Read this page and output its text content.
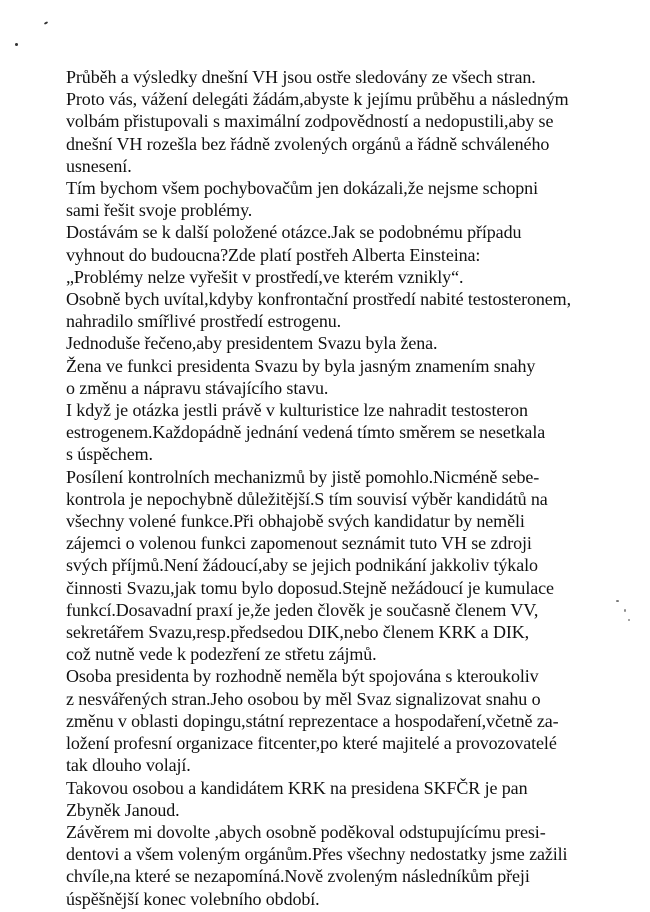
Průběh a výsledky dnešní VH jsou ostře sledovány ze všech stran.
Proto vás, vážení delegáti žádám,abyste k jejímu průběhu a následným
volbám přistupovali s maximální zodpovědností a nedopustili,aby se
dnešní VH rozešla bez řádně zvolených orgánů a řádně schváleného
usnesení.
Tím bychom všem pochybovačům jen dokázali,že nejsme schopni
sami řešit svoje problémy.
Dostávám se k další položené otázce.Jak se podobnému případu
vyhnout do budoucna?Zde platí postřeh Alberta Einsteina:
„Problémy nelze vyřešit v prostředí,ve kterém vznikly“.
Osobně bych uvítal,kdyby konfrontační prostředí nabité testosteronem,
nahradilo smířlivé prostředí estrogenu.
Jednoduše řečeno,aby presidentem Svazu byla žena.
Žena ve funkci presidenta Svazu by byla jasným znamením snahy
o změnu a nápravu stávajícího stavu.
I když je otázka jestli právě v kulturistice lze nahradit testosteron
estrogenem.Každopádně jednání vedená tímto směrem se nesetkala
s úspěchem.
Posílení kontrolních mechanizmů by jistě pomohlo.Nicméně sebe-
kontrola je nepochybně důležitější.S tím souvisí výběr kandidátů na
všechny volené funkce.Při obhajobě svých kandidatur by neměli
zájemci o volenou funkci zapomenout seznámit tuto VH se zdroji
svých příjmů.Není žádoucí,aby se jejich podnikání jakkoliv týkalo
činnosti Svazu,jak tomu bylo doposud.Stejně nežádoucí je kumulace
funkcí.Dosavadní praxí je,že jeden člověk je současně členem VV,
sekretářem Svazu,resp.předsedou DIK,nebo členem KRK a DIK,
což nutně vede k podezření ze střetu zájmů.
Osoba presidenta by rozhodně neměla být spojována s kteroukoliv
z nesvářených stran.Jeho osobou by měl Svaz signalizovat snahu o
změnu v oblasti dopingu,státní reprezentace a hospodaření,včetně za-
ložení profesní organizace fitcenter,po které majitelé a provozovatelé
tak dlouho volají.
Takovou osobou a kandidátem KRK na presidena SKFČR je pan
Zbyněk Janoud.
Závěrem mi dovolte ,abych osobně poděkoval odstupujícímu presi-
dentovi a všem voleným orgánům.Přes všechny nedostatky jsme zažili
chvíle,na které se nezapomíná.Nově zvoleným následníkům přeji
úspěšnější konec volebního období.
